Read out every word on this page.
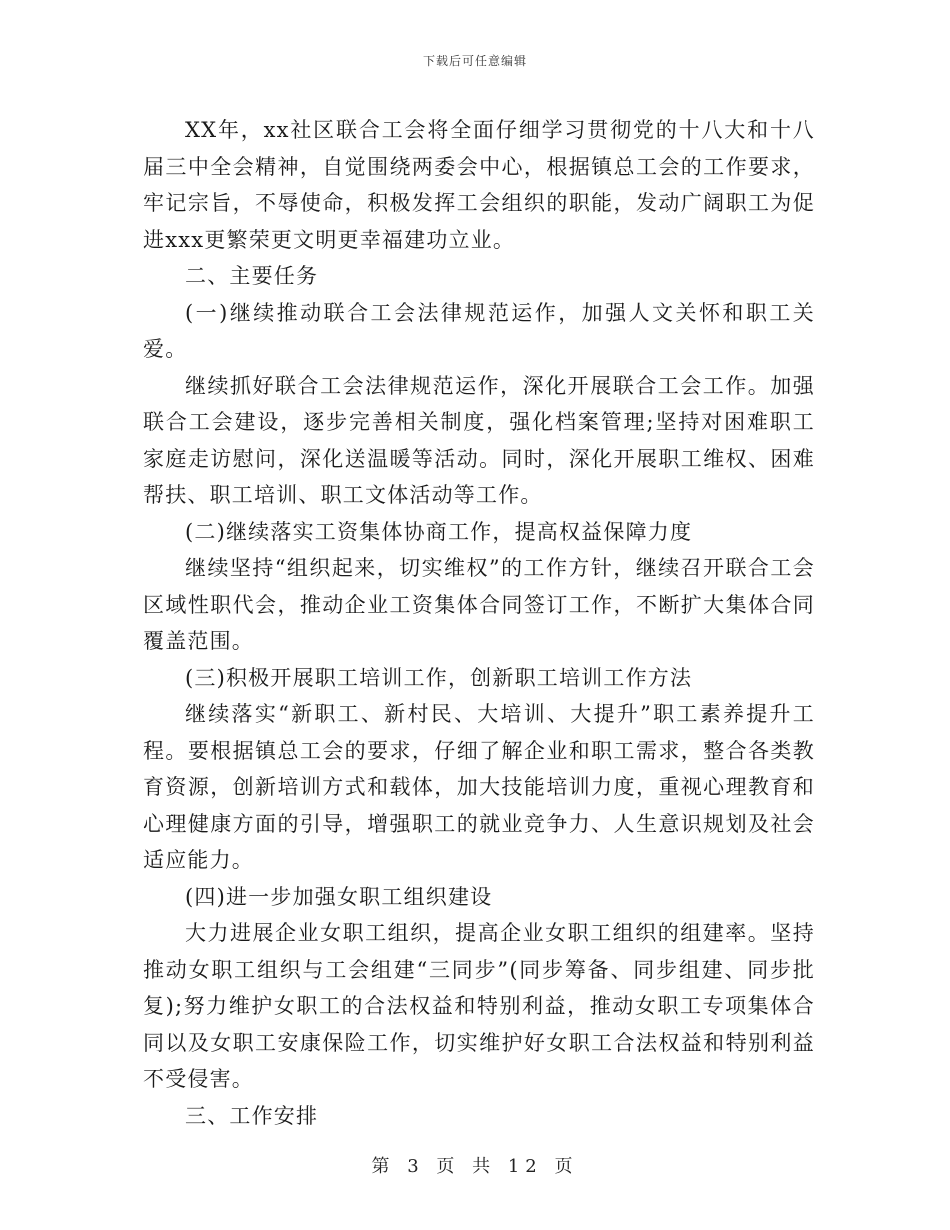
下载后可任意编辑

XX年，xx社区联合工会将全面仔细学习贯彻党的十八大和十八届三中全会精神，自觉围绕两委会中心，根据镇总工会的工作要求，牢记宗旨，不辱使命，积极发挥工会组织的职能，发动广阔职工为促进xxx更繁荣更文明更幸福建功立业。

二、主要任务

(一)继续推动联合工会法律规范运作，加强人文关怀和职工关爱。

继续抓好联合工会法律规范运作，深化开展联合工会工作。加强联合工会建设，逐步完善相关制度，强化档案管理;坚持对困难职工家庭走访慰问，深化送温暖等活动。同时，深化开展职工维权、困难帮扶、职工培训、职工文体活动等工作。

(二)继续落实工资集体协商工作，提高权益保障力度

继续坚持“组织起来，切实维权”的工作方针，继续召开联合工会区域性职代会，推动企业工资集体合同签订工作，不断扩大集体合同覆盖范围。

(三)积极开展职工培训工作，创新职工培训工作方法

继续落实“新职工、新村民、大培训、大提升”职工素养提升工程。要根据镇总工会的要求，仔细了解企业和职工需求，整合各类教育资源，创新培训方式和载体，加大技能培训力度，重视心理教育和心理健康方面的引导，增强职工的就业竞争力、人生意识规划及社会适应能力。

(四)进一步加强女职工组织建设

大力进展企业女职工组织，提高企业女职工组织的组建率。坚持推动女职工组织与工会组建“三同步”(同步筹备、同步组建、同步批复);努力维护女职工的合法权益和特别利益，推动女职工专项集体合同以及女职工安康保险工作，切实维护好女职工合法权益和特别利益不受侵害。

三、工作安排

第 3 页 共 12 页
